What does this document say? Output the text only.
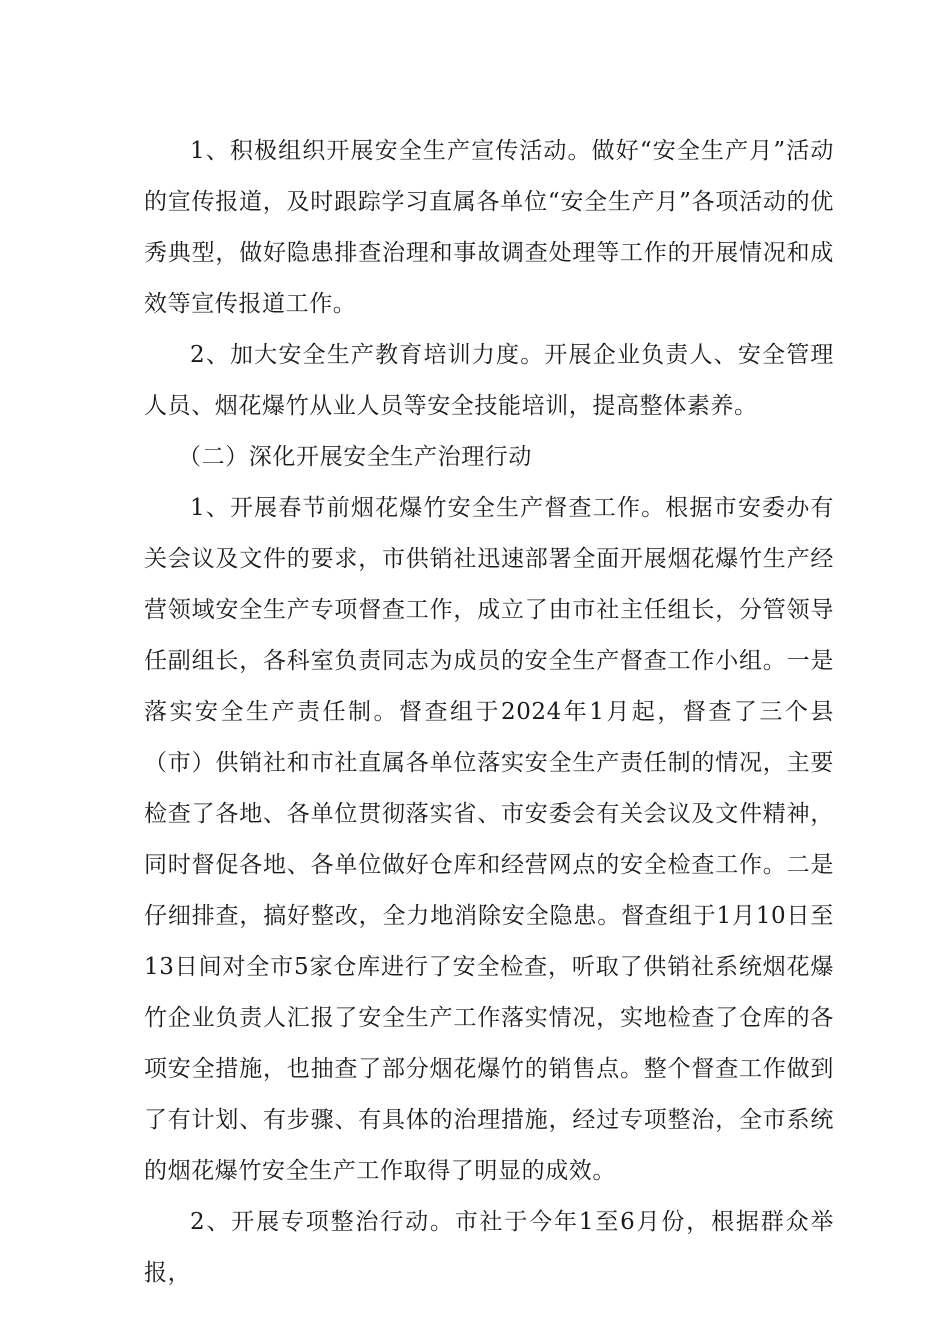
1、积极组织开展安全生产宣传活动。做好“安全生产月”活动的宣传报道，及时跟踪学习直属各单位“安全生产月”各项活动的优秀典型，做好隐患排查治理和事故调查处理等工作的开展情况和成效等宣传报道工作。

2、加大安全生产教育培训力度。开展企业负责人、安全管理人员、烟花爆竹从业人员等安全技能培训，提高整体素养。

（二）深化开展安全生产治理行动

1、开展春节前烟花爆竹安全生产督查工作。根据市安委办有关会议及文件的要求，市供销社迅速部署全面开展烟花爆竹生产经营领域安全生产专项督查工作，成立了由市社主任组长，分管领导任副组长，各科室负责同志为成员的安全生产督查工作小组。一是落实安全生产责任制。督查组于2024年1月起，督查了三个县（市）供销社和市社直属各单位落实安全生产责任制的情况，主要检查了各地、各单位贯彻落实省、市安委会有关会议及文件精神，同时督促各地、各单位做好仓库和经营网点的安全检查工作。二是仔细排查，搞好整改，全力地消除安全隐患。督查组于1月10日至13日间对全市5家仓库进行了安全检查，听取了供销社系统烟花爆竹企业负责人汇报了安全生产工作落实情况，实地检查了仓库的各项安全措施，也抽查了部分烟花爆竹的销售点。整个督查工作做到了有计划、有步骤、有具体的治理措施，经过专项整治，全市系统的烟花爆竹安全生产工作取得了明显的成效。

2、开展专项整治行动。市社于今年1至6月份，根据群众举报，
